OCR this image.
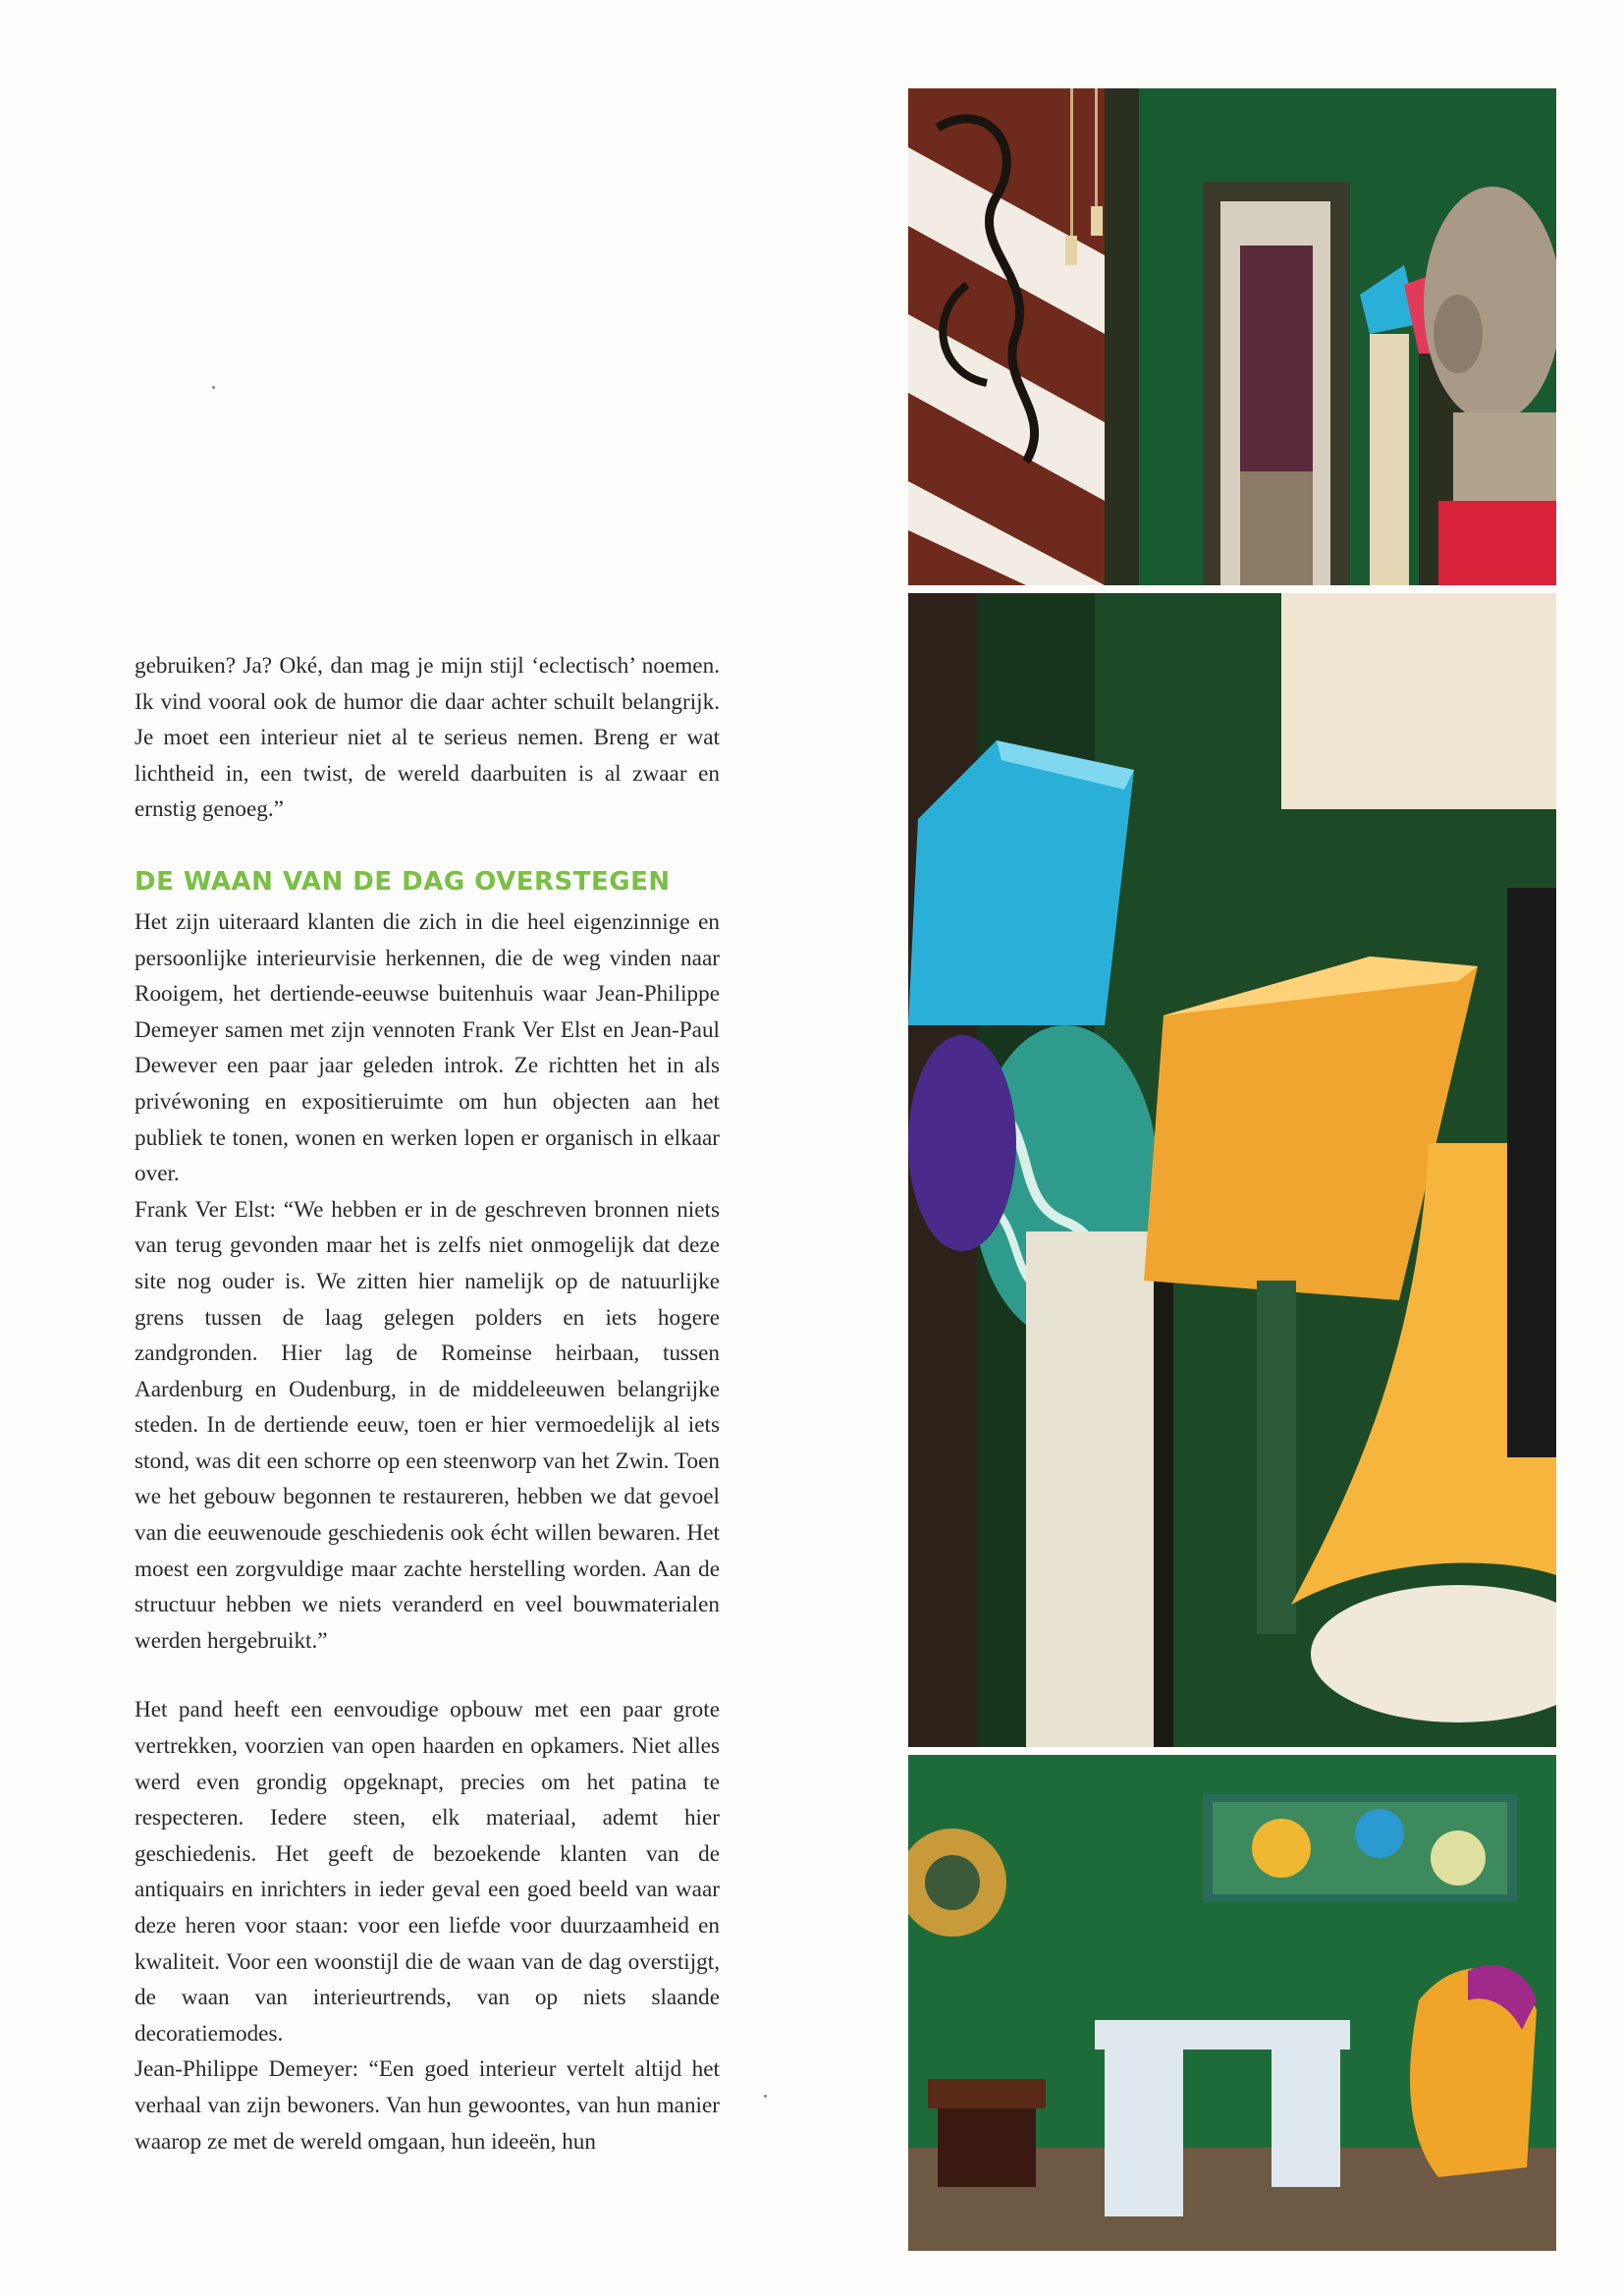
gebruiken? Ja? Oké, dan mag je mijn stijl ‘eclectisch’ noemen. Ik vind vooral ook de humor die daar achter schuilt belangrijk. Je moet een interieur niet al te serieus nemen. Breng er wat lichtheid in, een twist, de wereld daarbuiten is al zwaar en ernstig genoeg.”

DE WAAN VAN DE DAG OVERSTEGEN

Het zijn uiteraard klanten die zich in die heel eigenzinnige en persoonlijke interieurvisie herkennen, die de weg vinden naar Rooigem, het dertiende-eeuwse buitenhuis waar Jean-Philippe Demeyer samen met zijn vennoten Frank Ver Elst en Jean-Paul Dewever een paar jaar geleden introk. Ze richtten het in als privéwoning en expositieruimte om hun objecten aan het publiek te tonen, wonen en werken lopen er organisch in elkaar over.

Frank Ver Elst: “We hebben er in de geschreven bronnen niets van terug gevonden maar het is zelfs niet onmogelijk dat deze site nog ouder is. We zitten hier namelijk op de natuurlijke grens tussen de laag gelegen polders en iets hogere zandgronden. Hier lag de Romeinse heirbaan, tussen Aardenburg en Oudenburg, in de middeleeuwen belangrijke steden. In de dertiende eeuw, toen er hier vermoedelijk al iets stond, was dit een schorre op een steenworp van het Zwin. Toen we het gebouw begonnen te restaureren, hebben we dat gevoel van die eeuwenoude geschiedenis ook écht willen bewaren. Het moest een zorgvuldige maar zachte herstelling worden. Aan de structuur hebben we niets veranderd en veel bouwmaterialen werden hergebruikt.”

Het pand heeft een eenvoudige opbouw met een paar grote vertrekken, voorzien van open haarden en opkamers. Niet alles werd even grondig opgeknapt, precies om het patina te respecteren. Iedere steen, elk materiaal, ademt hier geschiedenis. Het geeft de bezoekende klanten van de antiquairs en inrichters in ieder geval een goed beeld van waar deze heren voor staan: voor een liefde voor duurzaamheid en kwaliteit. Voor een woonstijl die de waan van de dag overstijgt, de waan van interieurtrends, van op niets slaande decoratiemodes.

Jean-Philippe Demeyer: “Een goed interieur vertelt altijd het verhaal van zijn bewoners. Van hun gewoontes, van hun manier waarop ze met de wereld omgaan, hun ideeën, hun
